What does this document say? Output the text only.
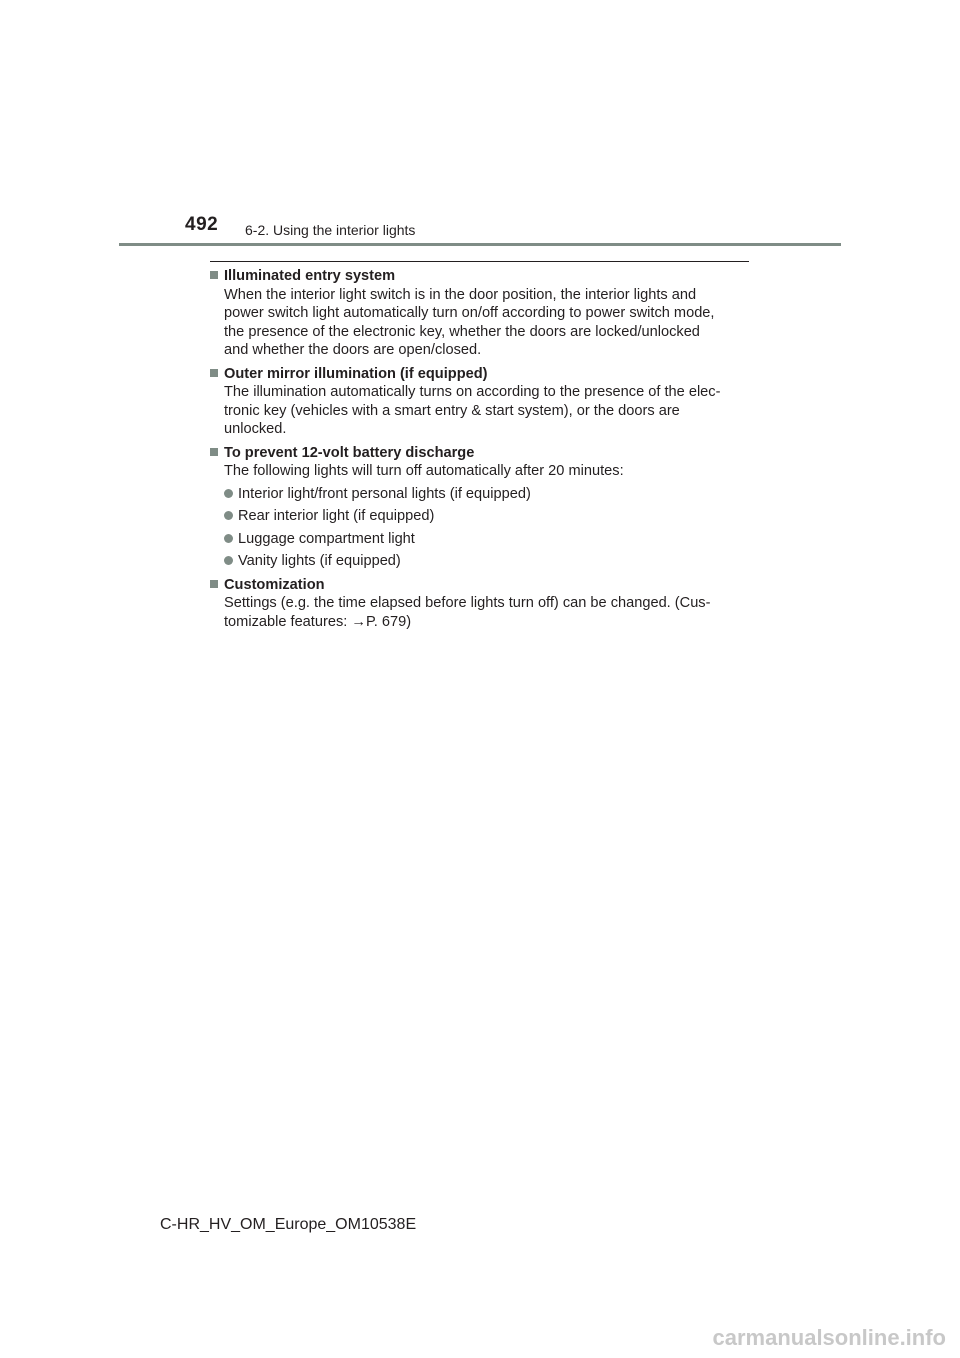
492 6-2. Using the interior lights
Illuminated entry system
When the interior light switch is in the door position, the interior lights and
power switch light automatically turn on/off according to power switch mode,
the presence of the electronic key, whether the doors are locked/unlocked
and whether the doors are open/closed.
Outer mirror illumination (if equipped)
The illumination automatically turns on according to the presence of the elec-
tronic key (vehicles with a smart entry & start system), or the doors are
unlocked.
To prevent 12-volt battery discharge
The following lights will turn off automatically after 20 minutes:
Interior light/front personal lights (if equipped)
Rear interior light (if equipped)
Luggage compartment light
Vanity lights (if equipped)
Customization
Settings (e.g. the time elapsed before lights turn off) can be changed. (Cus-
tomizable features: →P. 679)
C-HR_HV_OM_Europe_OM10538E
carmanualsonline.info
